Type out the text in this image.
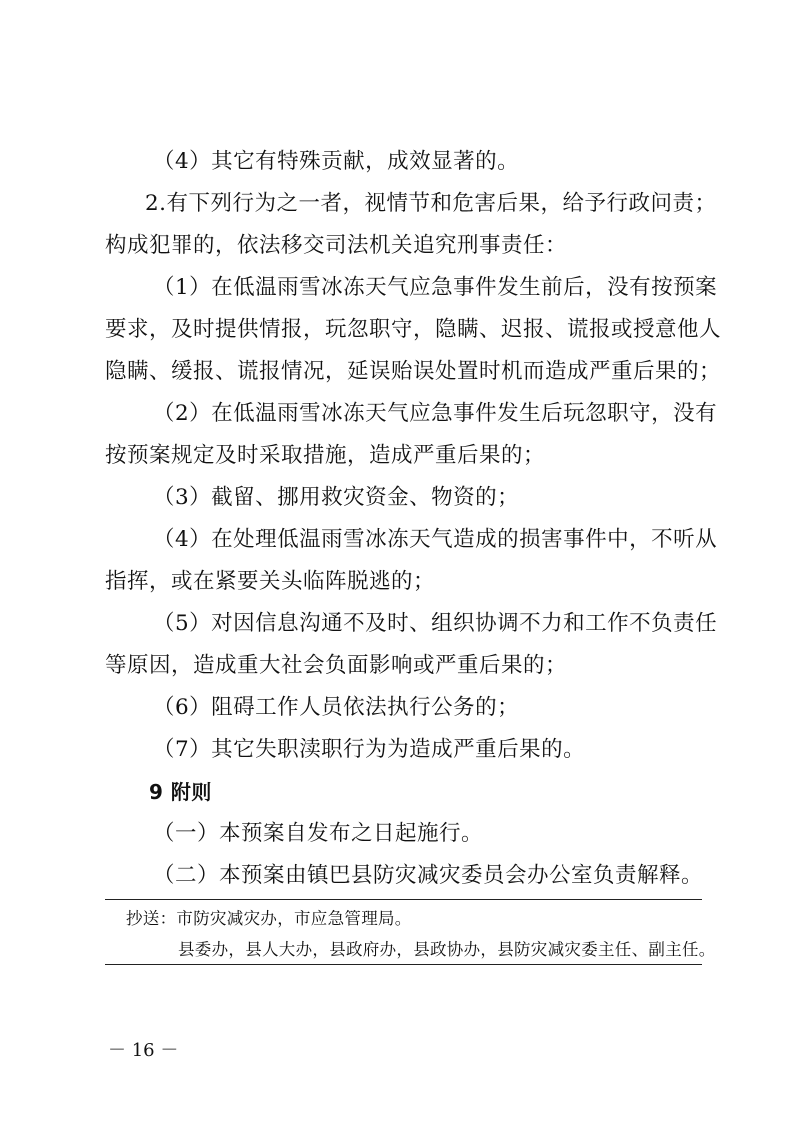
（4）其它有特殊贡献，成效显著的。

2.有下列行为之一者，视情节和危害后果，给予行政问责；
构成犯罪的，依法移交司法机关追究刑事责任：

（1）在低温雨雪冰冻天气应急事件发生前后，没有按预案
要求，及时提供情报，玩忽职守，隐瞒、迟报、谎报或授意他人
隐瞒、缓报、谎报情况，延误贻误处置时机而造成严重后果的；

（2）在低温雨雪冰冻天气应急事件发生后玩忽职守，没有
按预案规定及时采取措施，造成严重后果的；

（3）截留、挪用救灾资金、物资的；

（4）在处理低温雨雪冰冻天气造成的损害事件中，不听从
指挥，或在紧要关头临阵脱逃的；

（5）对因信息沟通不及时、组织协调不力和工作不负责任
等原因，造成重大社会负面影响或严重后果的；

（6）阻碍工作人员依法执行公务的；

（7）其它失职渎职行为为造成严重后果的。

9 附则

（一）本预案自发布之日起施行。

（二）本预案由镇巴县防灾减灾委员会办公室负责解释。

抄送：市防灾减灾办，市应急管理局。
县委办，县人大办，县政府办，县政协办，县防灾减灾委主任、副主任。
－ 16 －
